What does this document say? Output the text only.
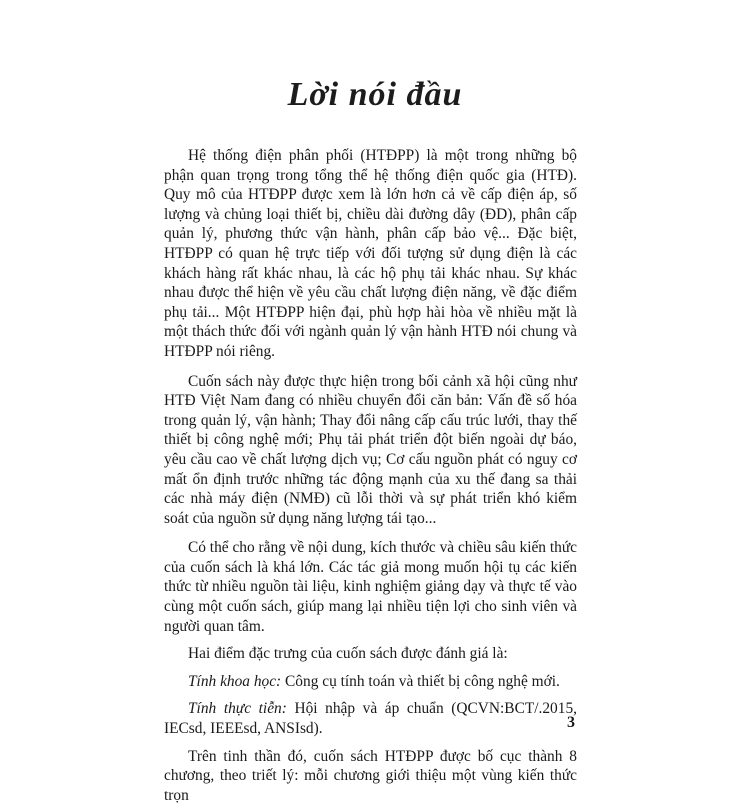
Lời nói đầu

Hệ thống điện phân phối (HTĐPP) là một trong những bộ phận quan trọng trong tổng thể hệ thống điện quốc gia (HTĐ). Quy mô của HTĐPP được xem là lớn hơn cả về cấp điện áp, số lượng và chủng loại thiết bị, chiều dài đường dây (ĐD), phân cấp quản lý, phương thức vận hành, phân cấp bảo vệ... Đặc biệt, HTĐPP có quan hệ trực tiếp với đối tượng sử dụng điện là các khách hàng rất khác nhau, là các hộ phụ tải khác nhau. Sự khác nhau được thể hiện về yêu cầu chất lượng điện năng, về đặc điểm phụ tải... Một HTĐPP hiện đại, phù hợp hài hòa về nhiều mặt là một thách thức đối với ngành quản lý vận hành HTĐ nói chung và HTĐPP nói riêng.

Cuốn sách này được thực hiện trong bối cảnh xã hội cũng như HTĐ Việt Nam đang có nhiều chuyển đổi căn bản: Vấn đề số hóa trong quản lý, vận hành; Thay đổi nâng cấp cấu trúc lưới, thay thế thiết bị công nghệ mới; Phụ tải phát triển đột biến ngoài dự báo, yêu cầu cao về chất lượng dịch vụ; Cơ cấu nguồn phát có nguy cơ mất ổn định trước những tác động mạnh của xu thế đang sa thải các nhà máy điện (NMĐ) cũ lỗi thời và sự phát triển khó kiểm soát của nguồn sử dụng năng lượng tái tạo...

Có thể cho rằng về nội dung, kích thước và chiều sâu kiến thức của cuốn sách là khá lớn. Các tác giả mong muốn hội tụ các kiến thức từ nhiều nguồn tài liệu, kinh nghiệm giảng dạy và thực tế vào cùng một cuốn sách, giúp mang lại nhiều tiện lợi cho sinh viên và người quan tâm.

Hai điểm đặc trưng của cuốn sách được đánh giá là:

Tính khoa học: Công cụ tính toán và thiết bị công nghệ mới.

Tính thực tiễn: Hội nhập và áp chuẩn (QCVN:BCT/.2015, IECsd, IEEEsd, ANSIsd).

Trên tinh thần đó, cuốn sách HTĐPP được bố cục thành 8 chương, theo triết lý: mỗi chương giới thiệu một vùng kiến thức trọn

3
